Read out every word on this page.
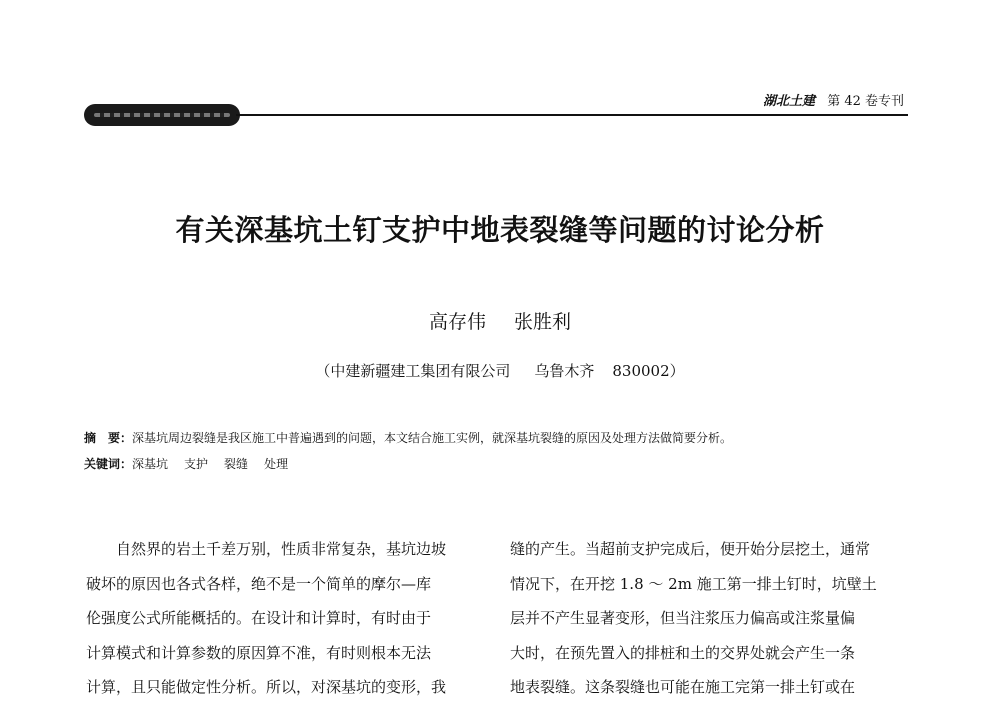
湖北土建 第 42 卷专刊
有关深基坑土钉支护中地表裂缝等问题的讨论分析
高存伟 张胜利
（中建新疆建工集团有限公司 乌鲁木齐 830002）
摘　要：深基坑周边裂缝是我区施工中普遍遇到的问题，本文结合施工实例，就深基坑裂缝的原因及处理方法做简要分析。
关键词：深基坑 支护 裂缝 处理
　　自然界的岩土千差万别，性质非常复杂，基坑边坡
破坏的原因也各式各样，绝不是一个简单的摩尔—库
伦强度公式所能概括的。在设计和计算时，有时由于
计算模式和计算参数的原因算不准，有时则根本无法
计算，且只能做定性分析。所以，对深基坑的变形，我
缝的产生。当超前支护完成后，便开始分层挖土，通常
情况下，在开挖 1.8 ～ 2m 施工第一排土钉时，坑壁土
层并不产生显著变形，但当注浆压力偏高或注浆量偏
大时，在预先置入的排桩和土的交界处就会产生一条
地表裂缝。这条裂缝也可能在施工完第一排土钉或在
